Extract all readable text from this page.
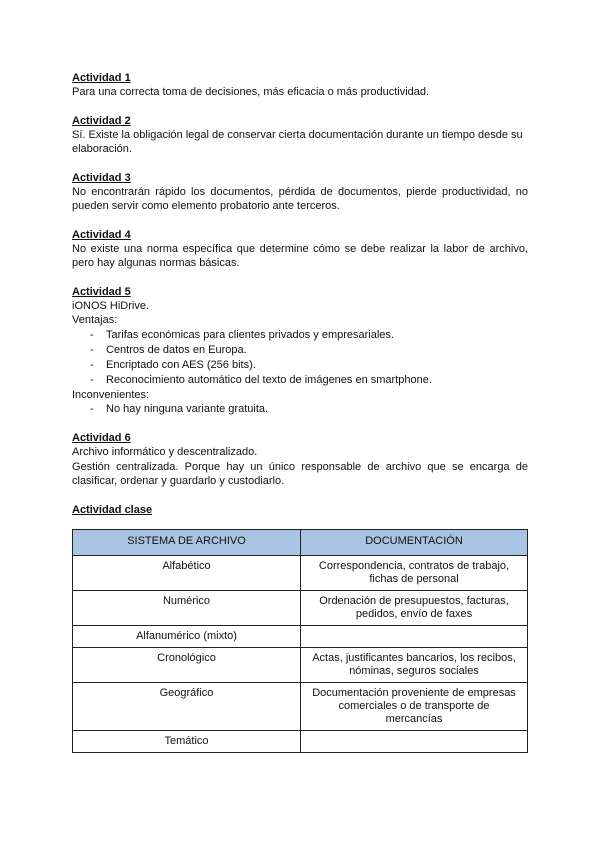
Actividad 1
Para una correcta toma de decisiones, más eficacia o más productividad.
Actividad 2
Sí. Existe la obligación legal de conservar cierta documentación durante un tiempo desde su elaboración.
Actividad 3
No encontrarán rápido los documentos, pérdida de documentos, pierde productividad, no pueden servir como elemento probatorio ante terceros.
Actividad 4
No existe una norma específica que determine cómo se debe realizar la labor de archivo, pero hay algunas normas básicas.
Actividad 5
iONOS HiDrive.
Ventajas:
- Tarifas económicas para clientes privados y empresariales.
- Centros de datos en Europa.
- Encriptado con AES (256 bits).
- Reconocimiento automático del texto de imágenes en smartphone.
Inconvenientes:
- No hay ninguna variante gratuita.
Actividad 6
Archivo informático y descentralizado.
Gestión centralizada. Porque hay un único responsable de archivo que se encarga de clasificar, ordenar y guardarlo y custodiarlo.
Actividad clase
SISTEMA DE ARCHIVO	DOCUMENTACIÓN
Alfabético	Correspondencia, contratos de trabajo, fichas de personal
Numérico	Ordenación de presupuestos, facturas, pedidos, envío de faxes
Alfanumérico (mixto)	
Cronológico	Actas, justificantes bancarios, los recibos, nóminas, seguros sociales
Geográfico	Documentación proveniente de empresas comerciales o de transporte de mercancías
Temático	
